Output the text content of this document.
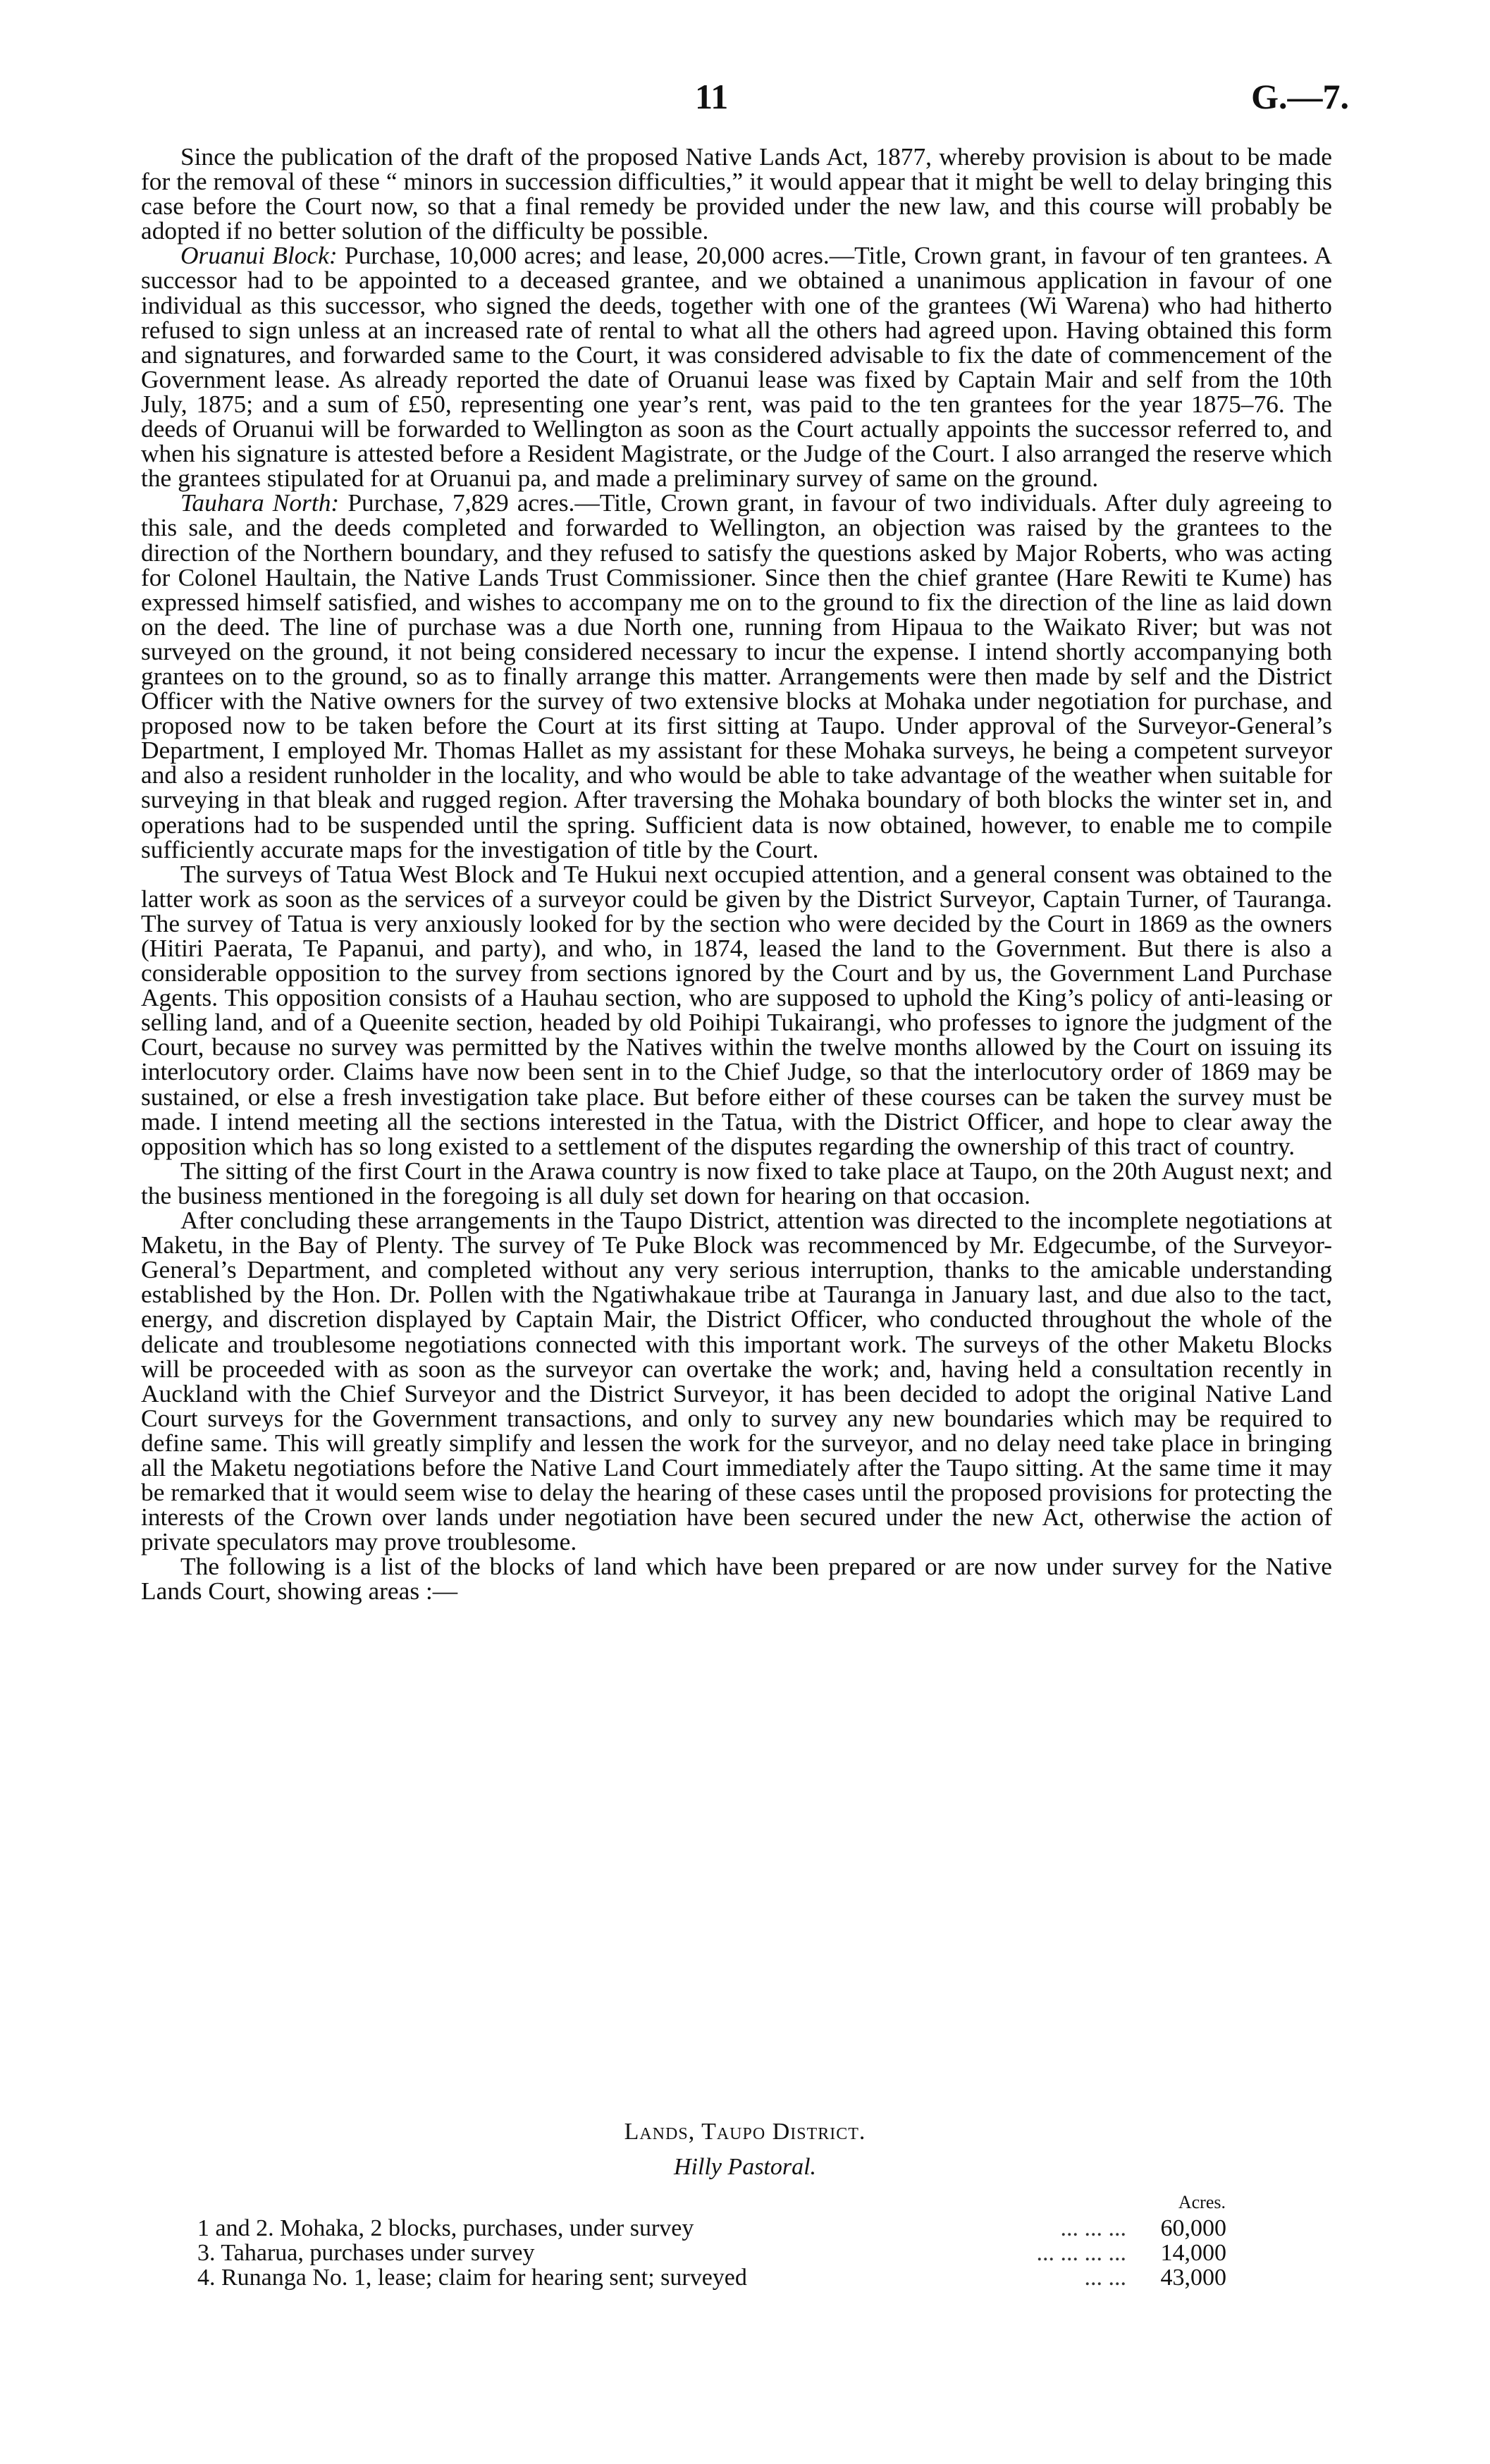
11	G.—7.

Since the publication of the draft of the proposed Native Lands Act, 1877, whereby provision is about to be made for the removal of these “ minors in succession difficulties,” it would appear that it might be well to delay bringing this case before the Court now, so that a final remedy be provided under the new law, and this course will probably be adopted if no better solution of the difficulty be possible.

Oruanui Block: Purchase, 10,000 acres; and lease, 20,000 acres.—Title, Crown grant, in favour of ten grantees. A successor had to be appointed to a deceased grantee, and we obtained a unanimous application in favour of one individual as this successor, who signed the deeds, together with one of the grantees (Wi Warena) who had hitherto refused to sign unless at an increased rate of rental to what all the others had agreed upon. Having obtained this form and signatures, and forwarded same to the Court, it was considered advisable to fix the date of commencement of the Government lease. As already reported the date of Oruanui lease was fixed by Captain Mair and self from the 10th July, 1875; and a sum of £50, representing one year’s rent, was paid to the ten grantees for the year 1875–76. The deeds of Oruanui will be forwarded to Wellington as soon as the Court actually appoints the successor referred to, and when his signature is attested before a Resident Magistrate, or the Judge of the Court. I also arranged the reserve which the grantees stipulated for at Oruanui pa, and made a preliminary survey of same on the ground.

Tauhara North: Purchase, 7,829 acres.—Title, Crown grant, in favour of two individuals. After duly agreeing to this sale, and the deeds completed and forwarded to Wellington, an objection was raised by the grantees to the direction of the Northern boundary, and they refused to satisfy the questions asked by Major Roberts, who was acting for Colonel Haultain, the Native Lands Trust Commissioner. Since then the chief grantee (Hare Rewiti te Kume) has expressed himself satisfied, and wishes to accompany me on to the ground to fix the direction of the line as laid down on the deed. The line of purchase was a due North one, running from Hipaua to the Waikato River; but was not surveyed on the ground, it not being considered necessary to incur the expense. I intend shortly accompanying both grantees on to the ground, so as to finally arrange this matter. Arrangements were then made by self and the District Officer with the Native owners for the survey of two extensive blocks at Mohaka under negotiation for purchase, and proposed now to be taken before the Court at its first sitting at Taupo. Under approval of the Surveyor-General’s Department, I employed Mr. Thomas Hallet as my assistant for these Mohaka surveys, he being a competent surveyor and also a resident runholder in the locality, and who would be able to take advantage of the weather when suitable for surveying in that bleak and rugged region. After traversing the Mohaka boundary of both blocks the winter set in, and operations had to be suspended until the spring. Sufficient data is now obtained, however, to enable me to compile sufficiently accurate maps for the investigation of title by the Court.

The surveys of Tatua West Block and Te Hukui next occupied attention, and a general consent was obtained to the latter work as soon as the services of a surveyor could be given by the District Surveyor, Captain Turner, of Tauranga. The survey of Tatua is very anxiously looked for by the section who were decided by the Court in 1869 as the owners (Hitiri Paerata, Te Papanui, and party), and who, in 1874, leased the land to the Government. But there is also a considerable opposition to the survey from sections ignored by the Court and by us, the Government Land Purchase Agents. This opposition consists of a Hauhau section, who are supposed to uphold the King’s policy of anti-leasing or selling land, and of a Queenite section, headed by old Poihipi Tukairangi, who professes to ignore the judgment of the Court, because no survey was permitted by the Natives within the twelve months allowed by the Court on issuing its interlocutory order. Claims have now been sent in to the Chief Judge, so that the interlocutory order of 1869 may be sustained, or else a fresh investigation take place. But before either of these courses can be taken the survey must be made. I intend meeting all the sections interested in the Tatua, with the District Officer, and hope to clear away the opposition which has so long existed to a settlement of the disputes regarding the ownership of this tract of country.

The sitting of the first Court in the Arawa country is now fixed to take place at Taupo, on the 20th August next; and the business mentioned in the foregoing is all duly set down for hearing on that occasion.

After concluding these arrangements in the Taupo District, attention was directed to the incomplete negotiations at Maketu, in the Bay of Plenty. The survey of Te Puke Block was recommenced by Mr. Edgecumbe, of the Surveyor-General’s Department, and completed without any very serious interruption, thanks to the amicable understanding established by the Hon. Dr. Pollen with the Ngatiwhakaue tribe at Tauranga in January last, and due also to the tact, energy, and discretion displayed by Captain Mair, the District Officer, who conducted throughout the whole of the delicate and troublesome negotiations connected with this important work. The surveys of the other Maketu Blocks will be proceeded with as soon as the surveyor can overtake the work; and, having held a consultation recently in Auckland with the Chief Surveyor and the District Surveyor, it has been decided to adopt the original Native Land Court surveys for the Government transactions, and only to survey any new boundaries which may be required to define same. This will greatly simplify and lessen the work for the surveyor, and no delay need take place in bringing all the Maketu negotiations before the Native Land Court immediately after the Taupo sitting. At the same time it may be remarked that it would seem wise to delay the hearing of these cases until the proposed provisions for protecting the interests of the Crown over lands under negotiation have been secured under the new Act, otherwise the action of private speculators may prove troublesome.

The following is a list of the blocks of land which have been prepared or are now under survey for the Native Lands Court, showing areas :—

Lands, Taupo District.
Hilly Pastoral.
		Acres.
1 and 2. Mohaka, 2 blocks, purchases, under survey	... ... ...	60,000
3. Taharua, purchases under survey	... ... ... ...	14,000
4. Runanga No. 1, lease; claim for hearing sent; surveyed	... ...	43,000
